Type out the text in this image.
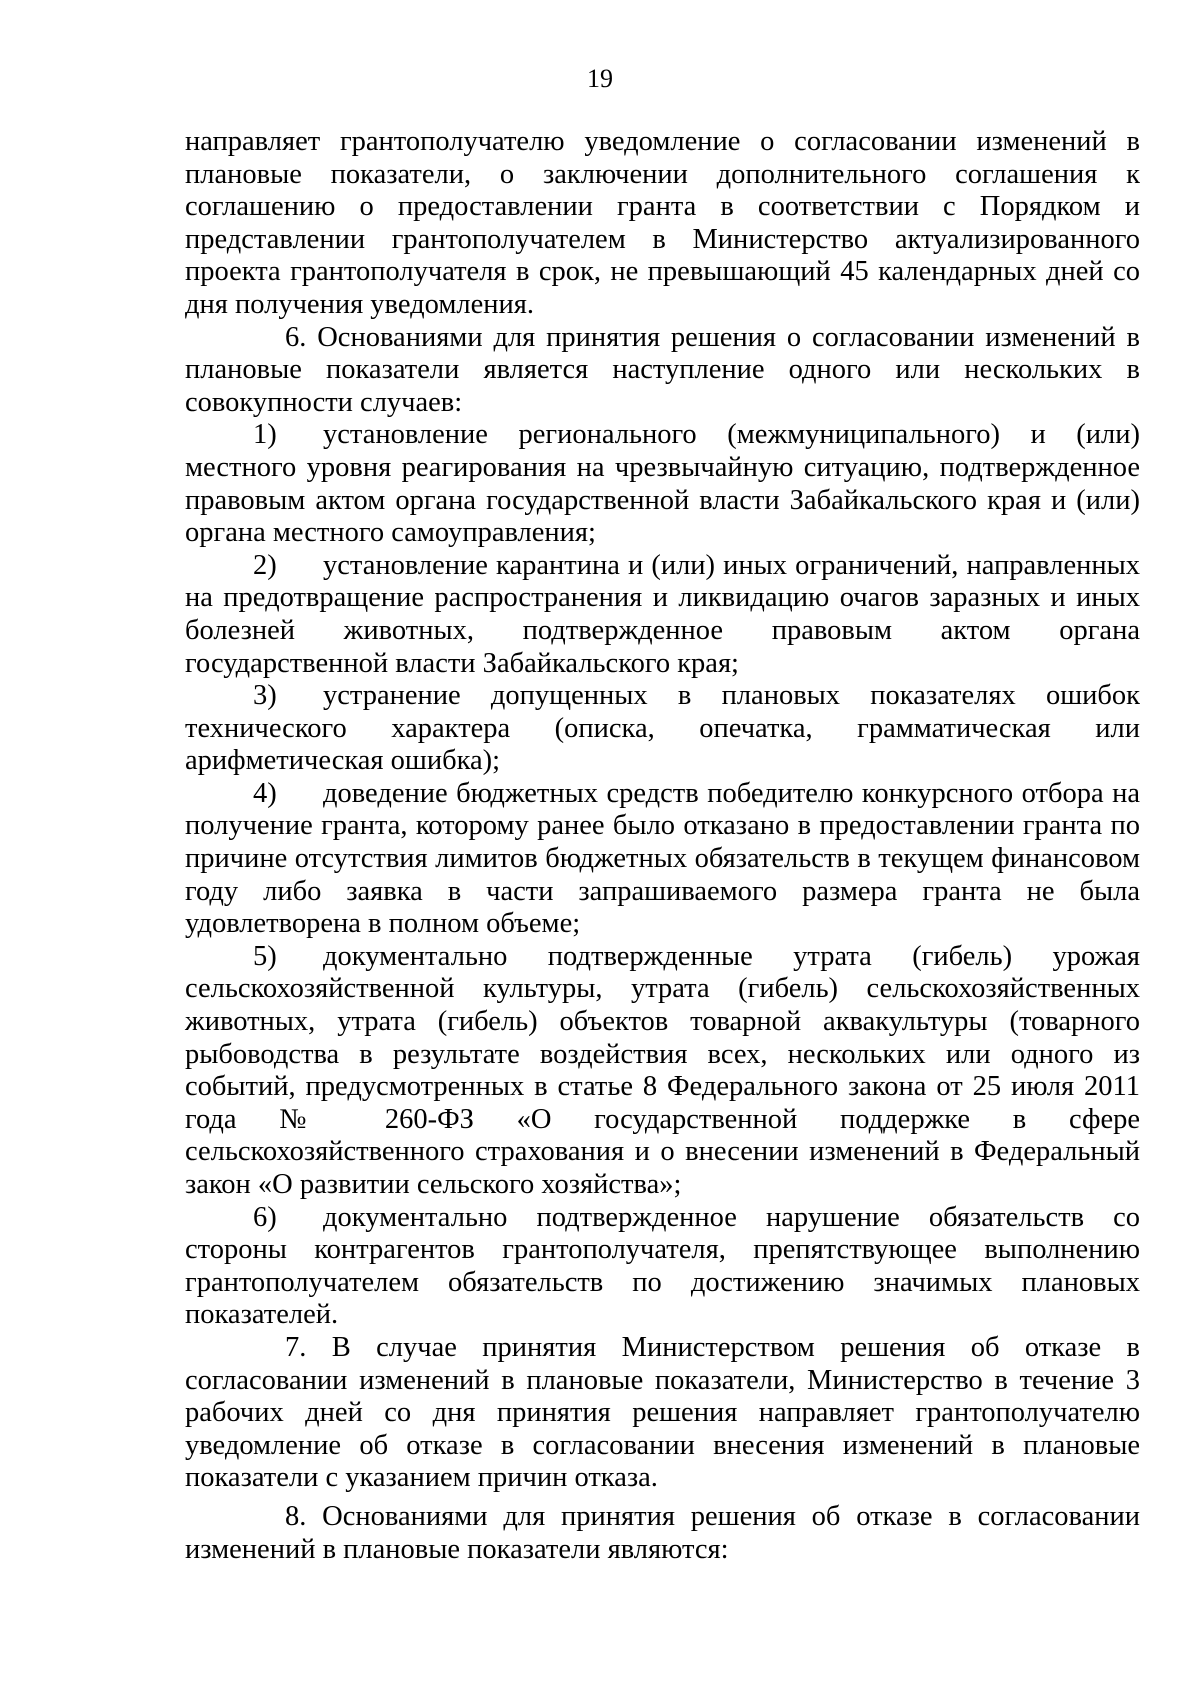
19

направляет грантополучателю уведомление о согласовании изменений в плановые показатели, о заключении дополнительного соглашения к соглашению о предоставлении гранта в соответствии с Порядком и представлении грантополучателем в Министерство актуализированного проекта грантополучателя в срок, не превышающий 45 календарных дней со дня получения уведомления.

6. Основаниями для принятия решения о согласовании изменений в плановые показатели является наступление одного или нескольких в совокупности случаев:

1) установление регионального (межмуниципального) и (или) местного уровня реагирования на чрезвычайную ситуацию, подтвержденное правовым актом органа государственной власти Забайкальского края и (или) органа местного самоуправления;

2) установление карантина и (или) иных ограничений, направленных на предотвращение распространения и ликвидацию очагов заразных и иных болезней животных, подтвержденное правовым актом органа государственной власти Забайкальского края;

3) устранение допущенных в плановых показателях ошибок технического характера (описка, опечатка, грамматическая или арифметическая ошибка);

4) доведение бюджетных средств победителю конкурсного отбора на получение гранта, которому ранее было отказано в предоставлении гранта по причине отсутствия лимитов бюджетных обязательств в текущем финансовом году либо заявка в части запрашиваемого размера гранта не была удовлетворена в полном объеме;

5) документально подтвержденные утрата (гибель) урожая сельскохозяйственной культуры, утрата (гибель) сельскохозяйственных животных, утрата (гибель) объектов товарной аквакультуры (товарного рыбоводства в результате воздействия всех, нескольких или одного из событий, предусмотренных в статье 8 Федерального закона от 25 июля 2011 года № 260-ФЗ «О государственной поддержке в сфере сельскохозяйственного страхования и о внесении изменений в Федеральный закон «О развитии сельского хозяйства»;

6) документально подтвержденное нарушение обязательств со стороны контрагентов грантополучателя, препятствующее выполнению грантополучателем обязательств по достижению значимых плановых показателей.

7. В случае принятия Министерством решения об отказе в согласовании изменений в плановые показатели, Министерство в течение 3 рабочих дней со дня принятия решения направляет грантополучателю уведомление об отказе в согласовании внесения изменений в плановые показатели с указанием причин отказа.

8. Основаниями для принятия решения об отказе в согласовании изменений в плановые показатели являются:
